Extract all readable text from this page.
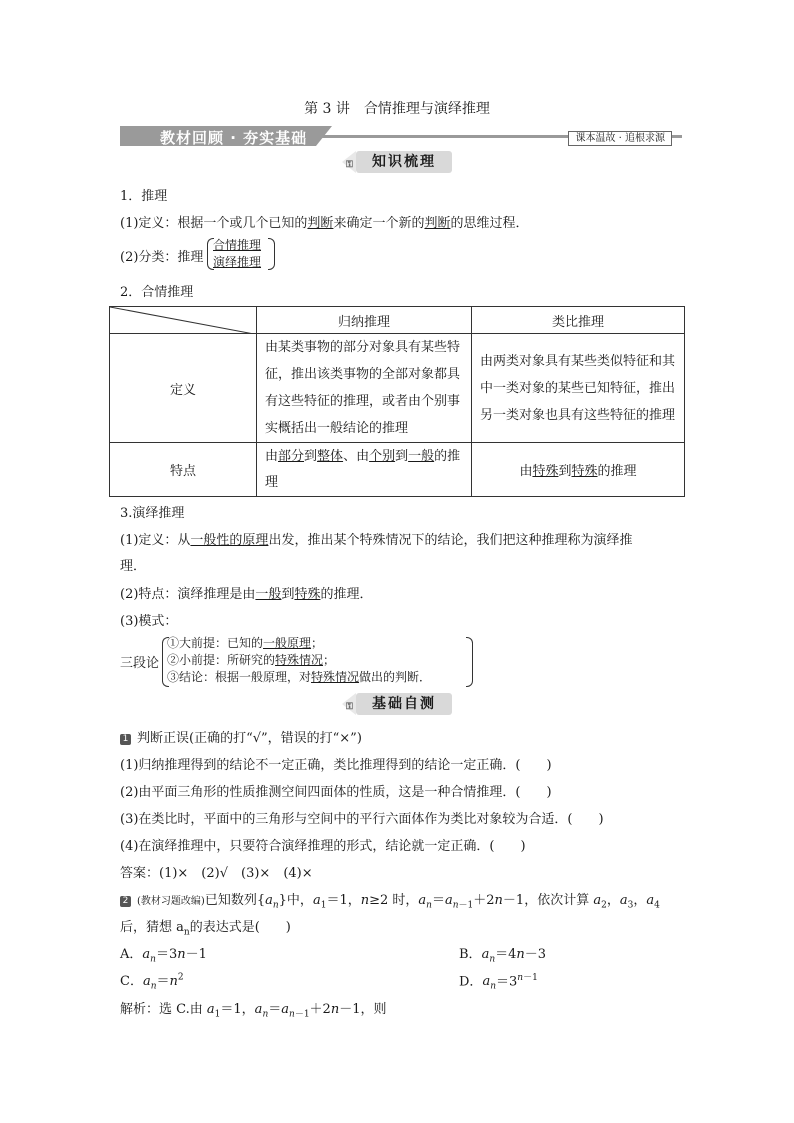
第 3 讲　合情推理与演绎推理
教材回顾 · 夯实基础	课本温故 · 追根求源
⚿ 知识梳理
1．推理
(1)定义：根据一个或几个已知的判断来确定一个新的判断的思维过程．
(2)分类：推理
合情推理
演绎推理
2．合情推理
	归纳推理	类比推理
定义	由某类事物的部分对象具有某些特征，推出该类事物的全部对象都具有这些特征的推理，或者由个别事实概括出一般结论的推理	由两类对象具有某些类似特征和其中一类对象的某些已知特征，推出另一类对象也具有这些特征的推理
特点	由部分到整体、由个别到一般的推理	由特殊到特殊的推理
3.演绎推理
(1)定义：从一般性的原理出发，推出某个特殊情况下的结论，我们把这种推理称为演绎推
理．
(2)特点：演绎推理是由一般到特殊的推理．
(3)模式：
三段论
①大前提：已知的一般原理；
②小前提：所研究的特殊情况；
③结论：根据一般原理，对特殊情况做出的判断．
⚿ 基础自测
1 判断正误(正确的打“√”，错误的打“×”)
(1)归纳推理得到的结论不一定正确，类比推理得到的结论一定正确．(　　)
(2)由平面三角形的性质推测空间四面体的性质，这是一种合情推理．(　　)
(3)在类比时，平面中的三角形与空间中的平行六面体作为类比对象较为合适．(　　)
(4)在演绎推理中，只要符合演绎推理的形式，结论就一定正确．(　　)
答案：(1)×　(2)√　(3)×　(4)×
2 (教材习题改编)已知数列$\{a_n\}$中，$a_1=1$，n≥2 时，$a_n=a_{n-1}+2n-1$，依次计算 $a_2$，$a_3$，$a_4$
后，猜想 $a_n$的表达式是(　　)
A．$a_n=3n-1$	B．$a_n=4n-3$
C．$a_n=n^2$	D．$a_n=3^{n-1}$
解析：选 C.由 $a_1=1$，$a_n=a_{n-1}+2n-1$，则
